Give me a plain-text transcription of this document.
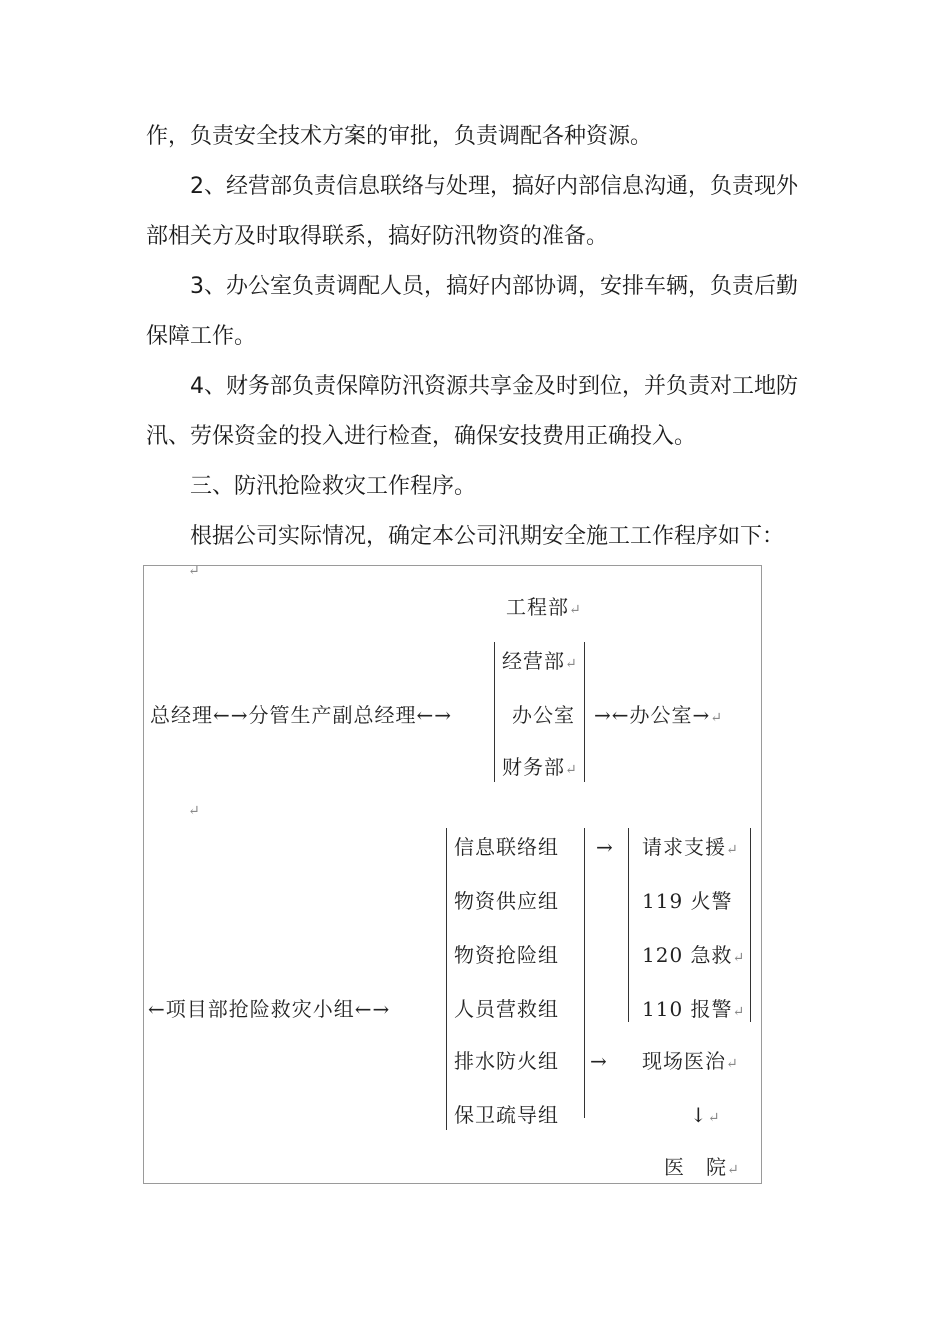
作，负责安全技术方案的审批，负责调配各种资源。
2、经营部负责信息联络与处理，搞好内部信息沟通，负责现外
部相关方及时取得联系，搞好防汛物资的准备。
3、办公室负责调配人员，搞好内部协调，安排车辆，负责后勤
保障工作。
4、财务部负责保障防汛资源共享金及时到位，并负责对工地防
汛、劳保资金的投入进行检查，确保安技费用正确投入。
三、防汛抢险救灾工作程序。
根据公司实际情况，确定本公司汛期安全施工工作程序如下：
↵
工程部↵
经营部↵
总经理←→分管生产副总经理←→	办公室 →←办公室→↵
财务部↵
↵
信息联络组
物资供应组
物资抢险组
人员营救组
排水防火组
保卫疏导组
←项目部抢险救灾小组←→
→
→
请求支援↵
119 火警
120 急救↵
110 报警↵
现场医治↵
↓↵
医　院↵
